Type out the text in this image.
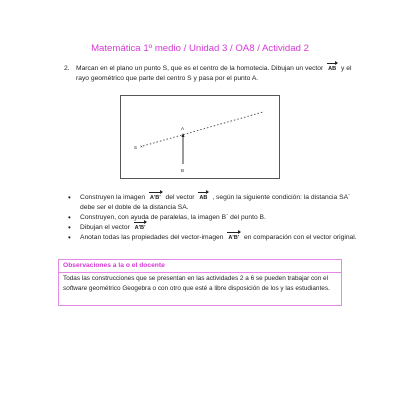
Matemática 1º medio / Unidad 3 / OA8 / Actividad 2
2. Marcan en el plano un punto S, que es el centro de la homotecia. Dibujan un vector AB y el rayo geométrico que parte del centro S y pasa por el punto A.
S ×
A
B
• Construyen la imagen A'B' del vector AB , según la siguiente condición: la distancia SA´ debe ser el doble de la distancia SA.
• Construyen, con ayuda de paralelas, la imagen B´ del punto B.
• Dibujan el vector A'B'
• Anotan todas las propiedades del vector-imagen A'B' en comparación con el vector original.
Observaciones a la o el docente
Todas las construcciones que se presentan en las actividades 2 a 6 se pueden trabajar con el software geométrico Geogebra o con otro que esté a libre disposición de los y las estudiantes.
